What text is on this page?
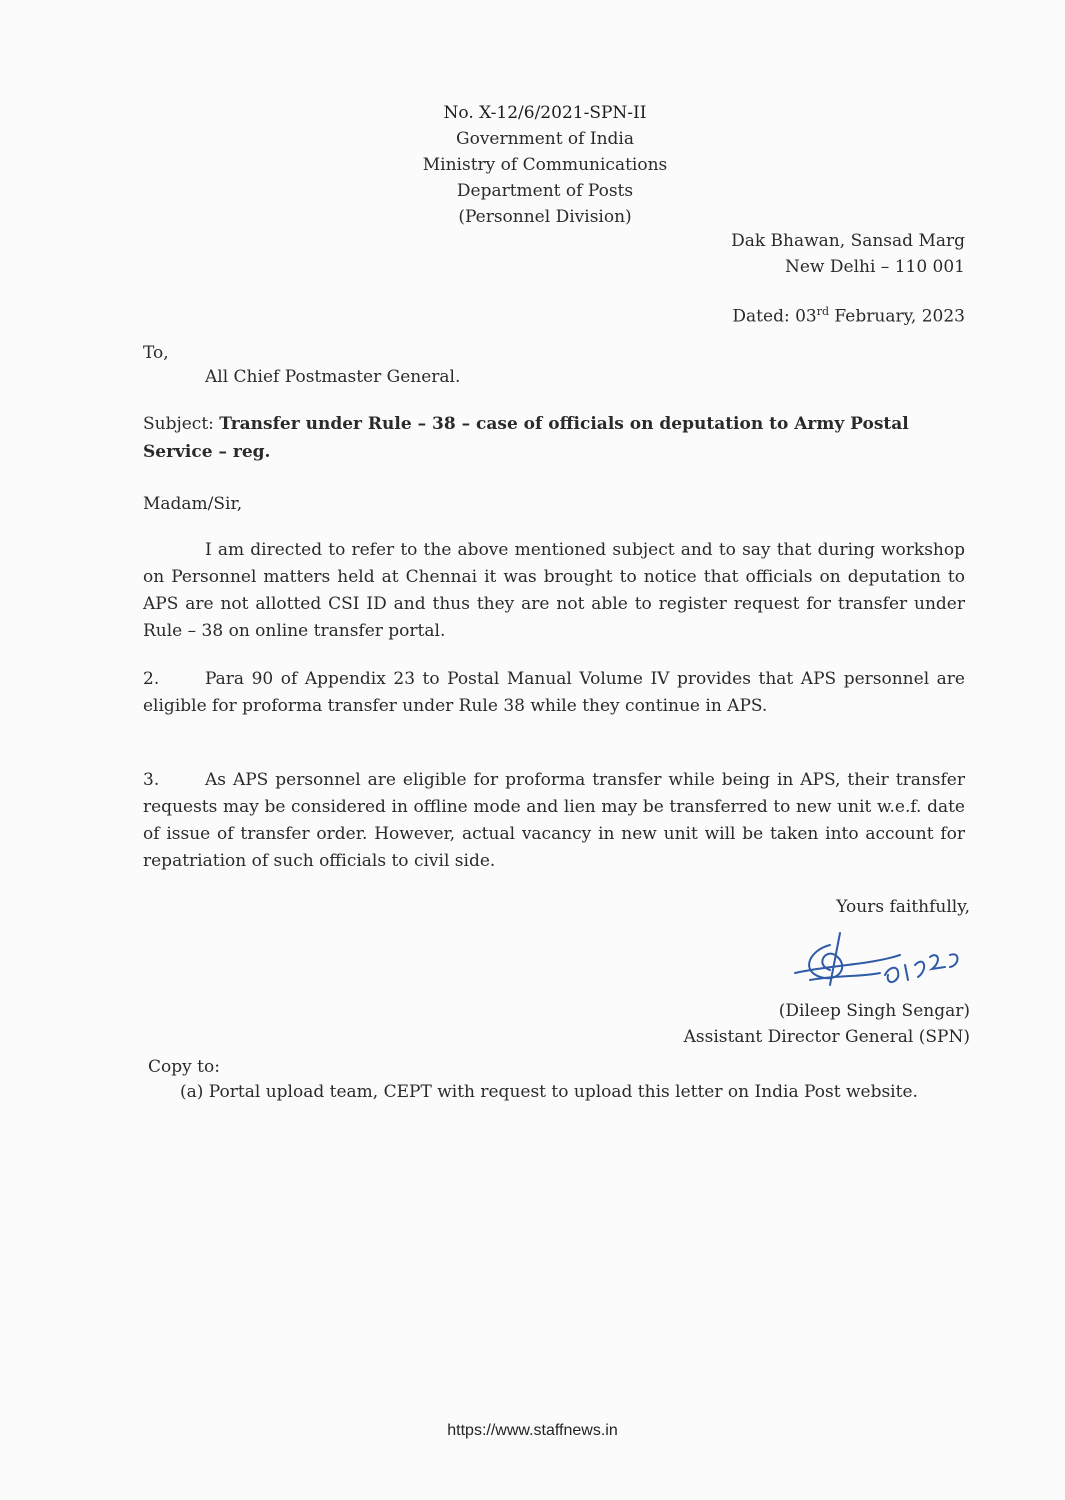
No. X-12/6/2021-SPN-II
Government of India
Ministry of Communications
Department of Posts
(Personnel Division)
Dak Bhawan, Sansad Marg
New Delhi – 110 001
Dated: 03rd February, 2023
To,
All Chief Postmaster General.
Subject: Transfer under Rule – 38 – case of officials on deputation to Army Postal Service – reg.
Madam/Sir,
I am directed to refer to the above mentioned subject and to say that during workshop on Personnel matters held at Chennai it was brought to notice that officials on deputation to APS are not allotted CSI ID and thus they are not able to register request for transfer under Rule – 38 on online transfer portal.
2.	Para 90 of Appendix 23 to Postal Manual Volume IV provides that APS personnel are eligible for proforma transfer under Rule 38 while they continue in APS.
3.	As APS personnel are eligible for proforma transfer while being in APS, their transfer requests may be considered in offline mode and lien may be transferred to new unit w.e.f. date of issue of transfer order. However, actual vacancy in new unit will be taken into account for repatriation of such officials to civil side.
Yours faithfully,
(Dileep Singh Sengar)
Assistant Director General (SPN)
Copy to:
(a) Portal upload team, CEPT with request to upload this letter on India Post website.
https://www.staffnews.in
